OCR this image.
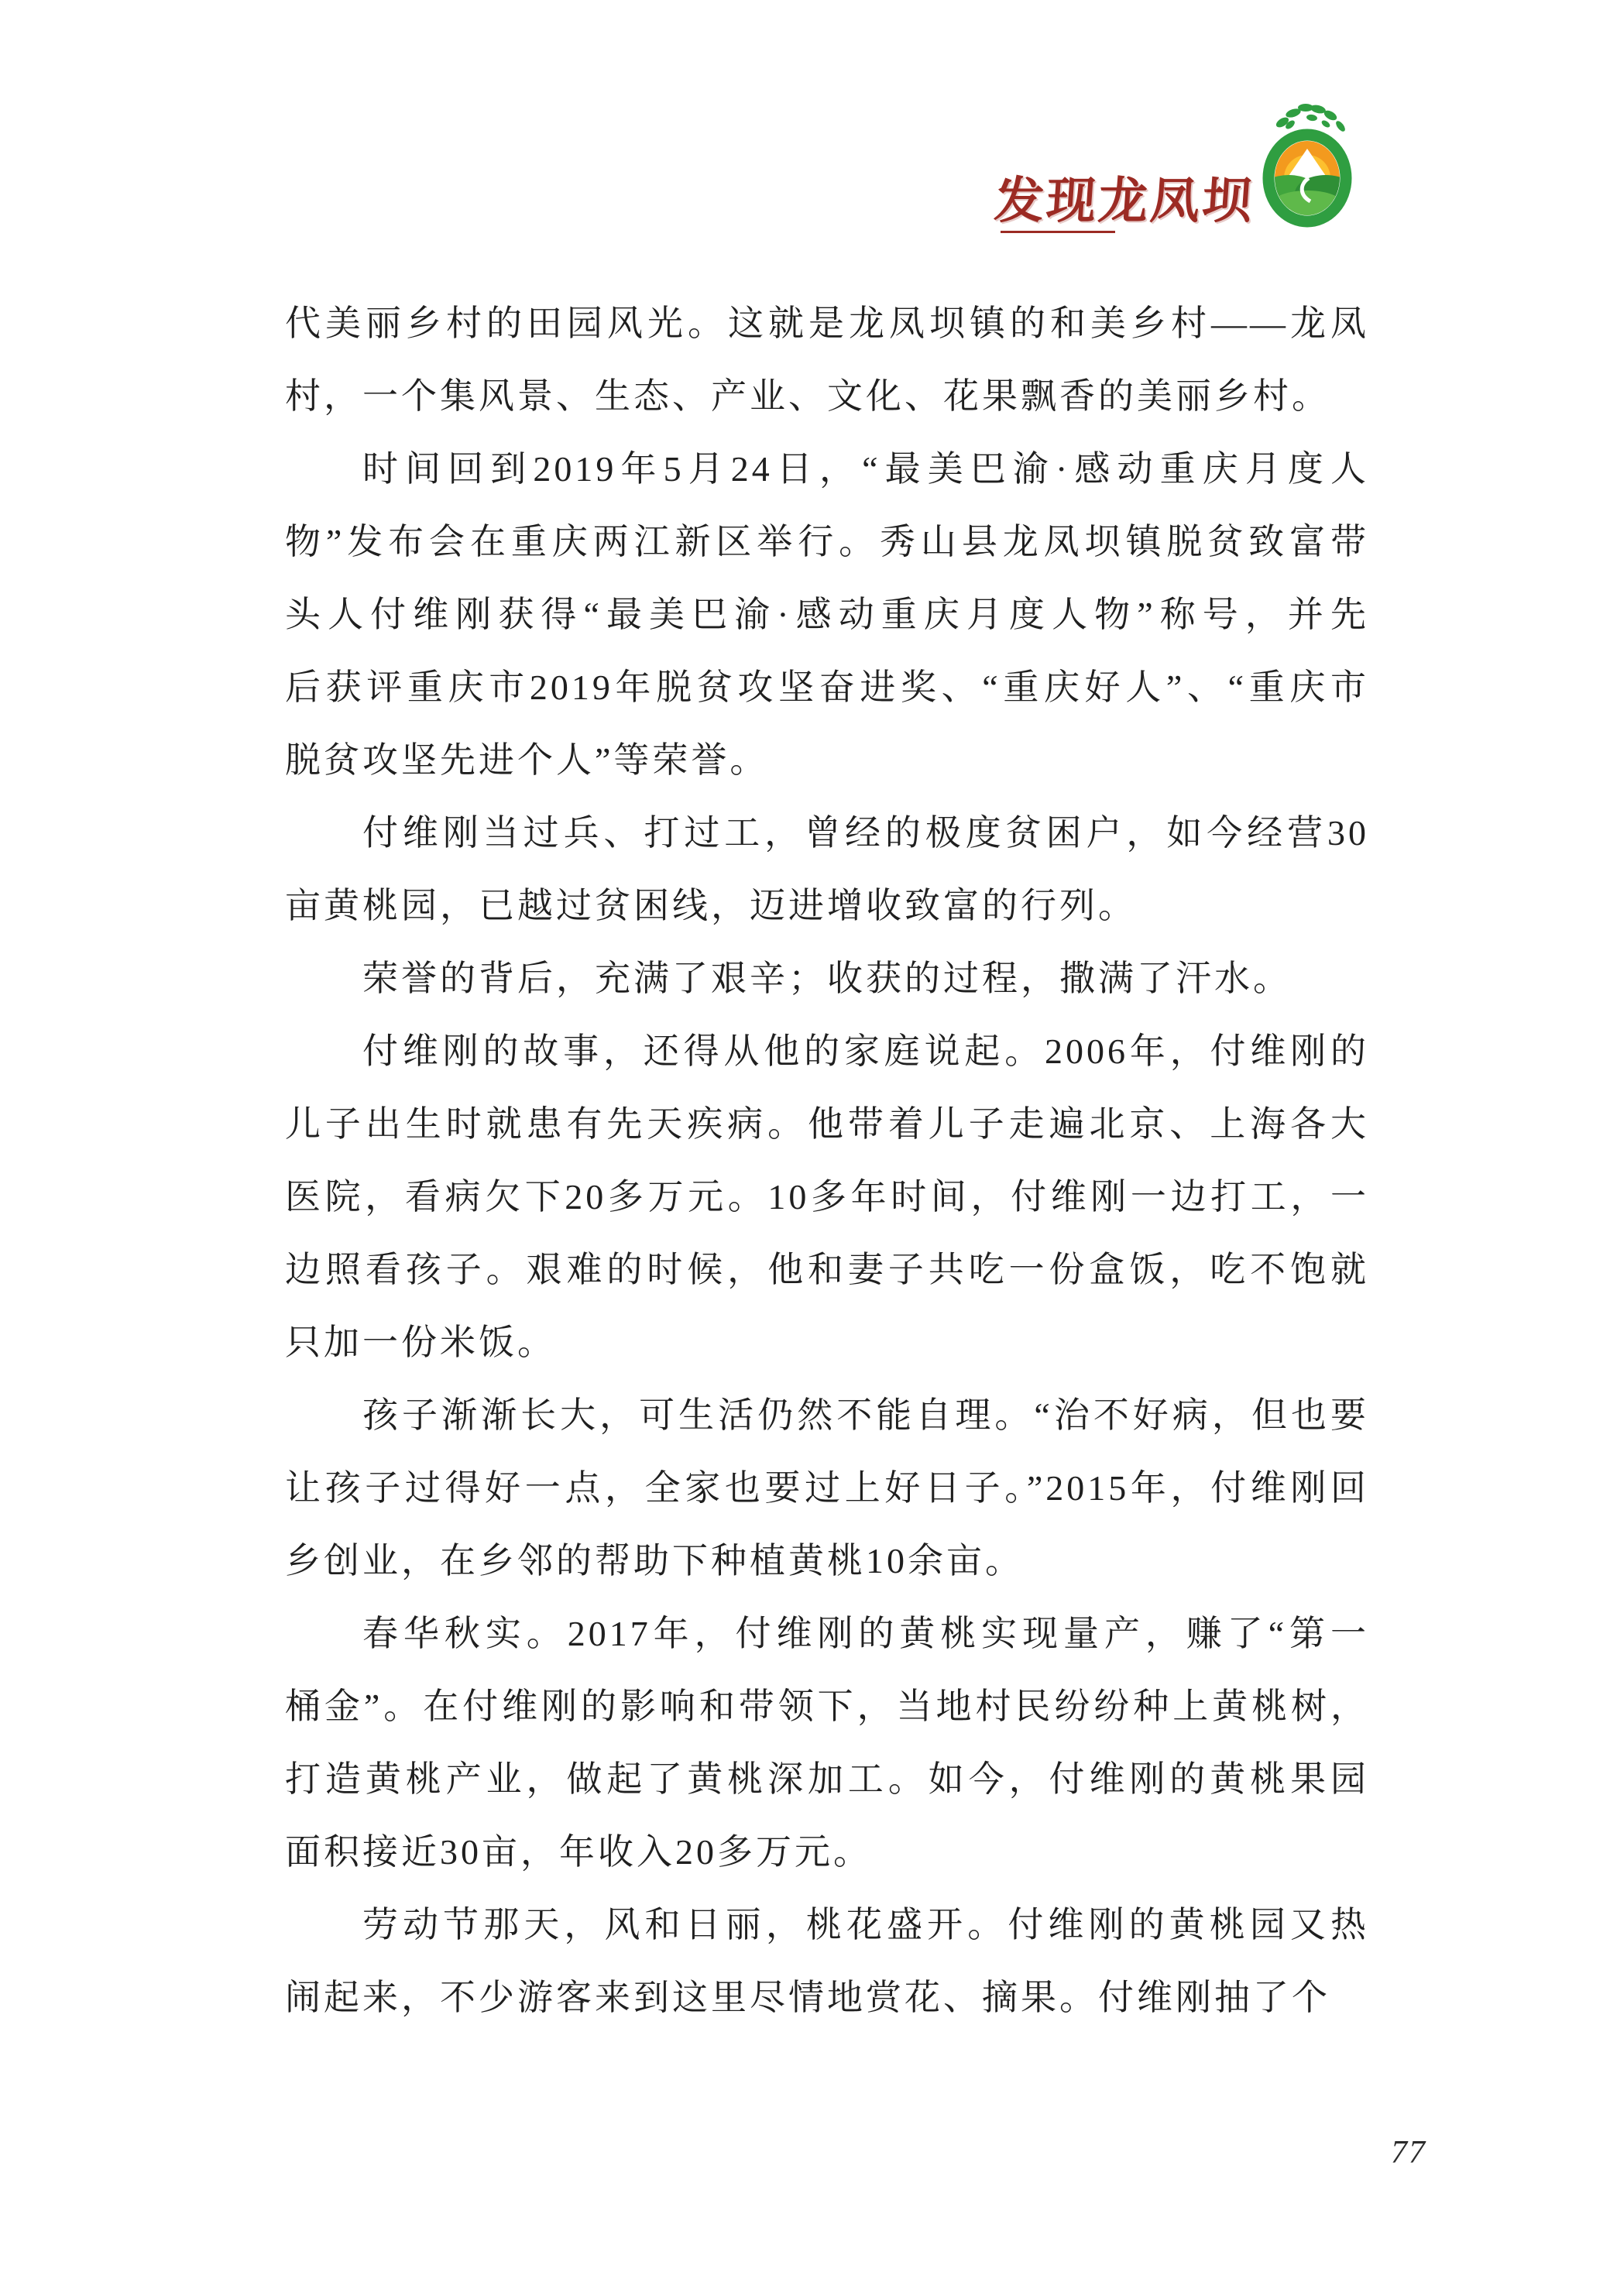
发现龙凤坝
代美丽乡村的田园风光。这就是龙凤坝镇的和美乡村——龙凤
村，一个集风景、生态、产业、文化、花果飘香的美丽乡村。
时间回到2019年5月24日，“最美巴渝·感动重庆月度人
物”发布会在重庆两江新区举行。秀山县龙凤坝镇脱贫致富带
头人付维刚获得“最美巴渝·感动重庆月度人物”称号，并先
后获评重庆市2019年脱贫攻坚奋进奖、“重庆好人”、“重庆市
脱贫攻坚先进个人”等荣誉。
付维刚当过兵、打过工，曾经的极度贫困户，如今经营30
亩黄桃园，已越过贫困线，迈进增收致富的行列。
荣誉的背后，充满了艰辛；收获的过程，撒满了汗水。
付维刚的故事，还得从他的家庭说起。2006年，付维刚的
儿子出生时就患有先天疾病。他带着儿子走遍北京、上海各大
医院，看病欠下20多万元。10多年时间，付维刚一边打工，一
边照看孩子。艰难的时候，他和妻子共吃一份盒饭，吃不饱就
只加一份米饭。
孩子渐渐长大，可生活仍然不能自理。“治不好病，但也要
让孩子过得好一点，全家也要过上好日子。”2015年，付维刚回
乡创业，在乡邻的帮助下种植黄桃10余亩。
春华秋实。2017年，付维刚的黄桃实现量产，赚了“第一
桶金”。在付维刚的影响和带领下，当地村民纷纷种上黄桃树，
打造黄桃产业，做起了黄桃深加工。如今，付维刚的黄桃果园
面积接近30亩，年收入20多万元。
劳动节那天，风和日丽，桃花盛开。付维刚的黄桃园又热
闹起来，不少游客来到这里尽情地赏花、摘果。付维刚抽了个
77
